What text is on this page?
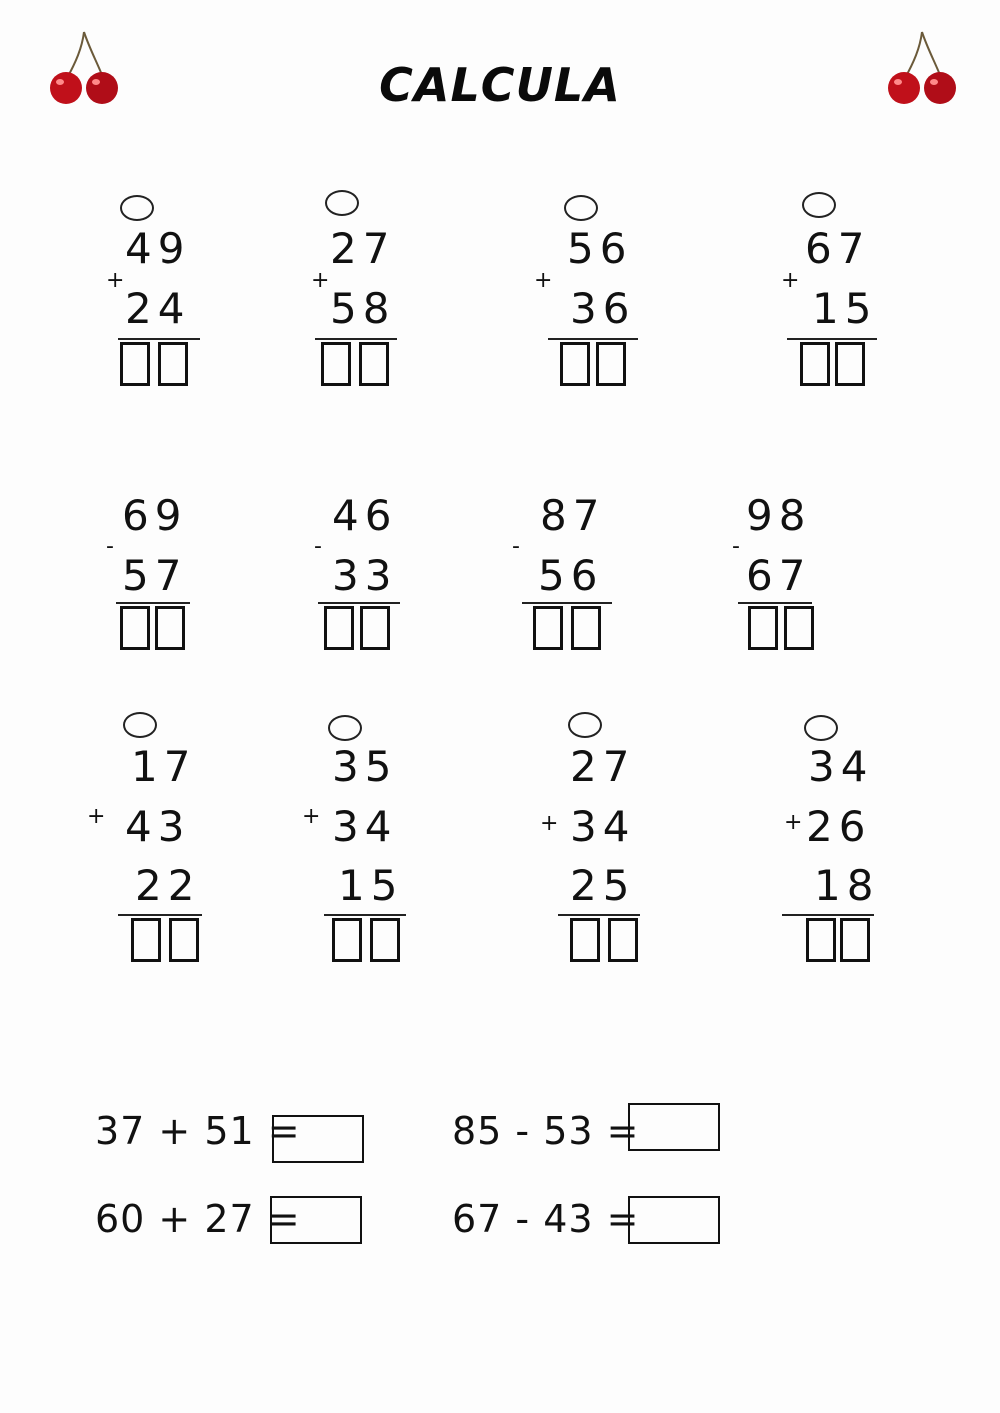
CALCULA
49
+
24
27
+
58
56
+
36
67
+
15
69
-
57
46
-
33
87
-
56
98
-
67
17
+ 43
22
35
+ 34
15
27
+ 34
25
34
+ 26
18
37 + 51 =	85 - 53 =
60 + 27 =	67 - 43 =
